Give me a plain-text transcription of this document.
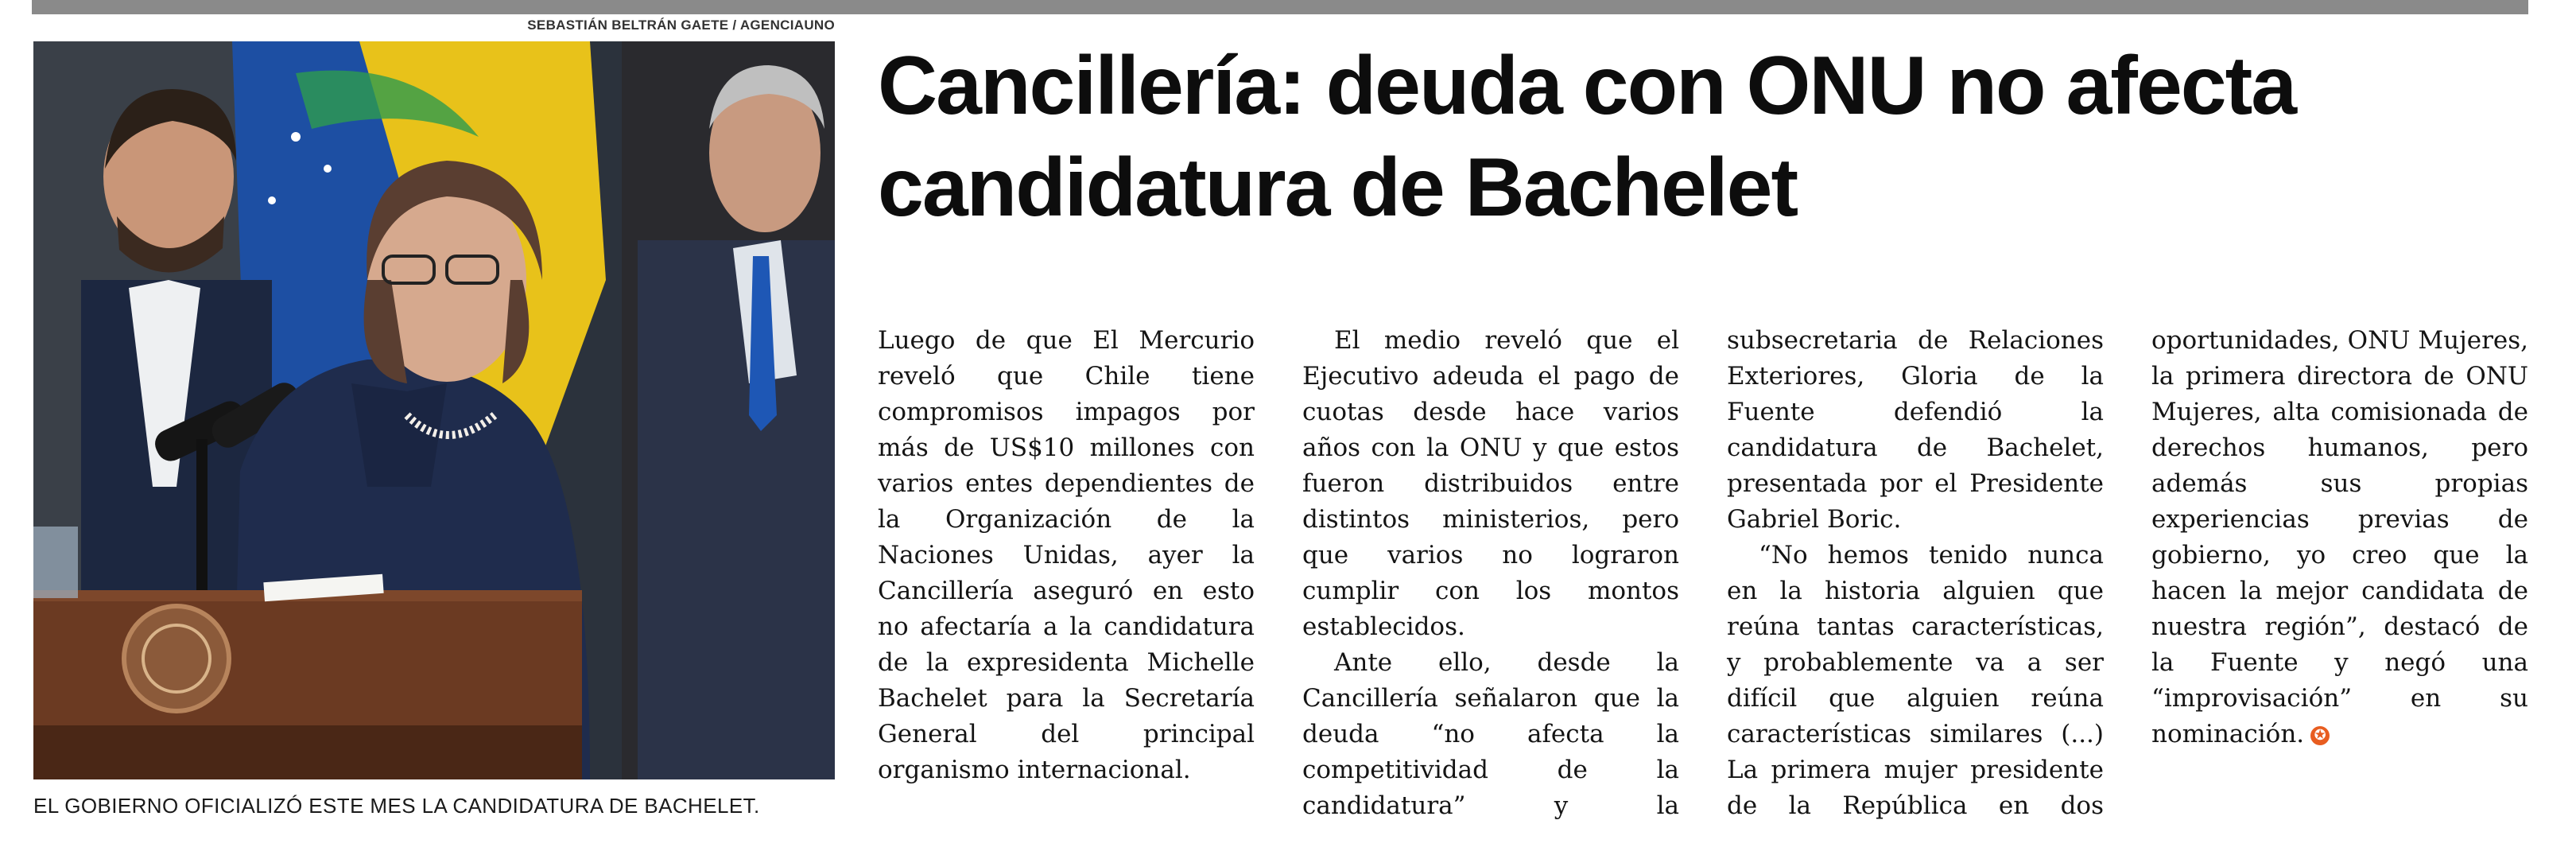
SEBASTIÁN BELTRÁN GAETE / AGENCIAUNO
EL GOBIERNO OFICIALIZÓ ESTE MES LA CANDIDATURA DE BACHELET.
Cancillería: deuda con ONU no afecta candidatura de Bachelet

Luego de que El Mercurio reveló que Chile tiene compromisos impagos por más de US$10 millones con varios entes dependientes de la Organización de la Naciones Unidas, ayer la Cancillería aseguró en esto no afectaría a la candidatura de la expresidenta Michelle Bachelet para la Secretaría General del principal organismo internacional.

El medio reveló que el Ejecutivo adeuda el pago de cuotas desde hace varios años con la ONU y que estos fueron distribuidos entre distintos ministerios, pero que varios no lograron cumplir con los montos establecidos.

Ante ello, desde la Cancillería señalaron que la deuda “no afecta la competitividad de la candidatura” y la subsecretaria de Relaciones Exteriores, Gloria de la Fuente defendió la candidatura de Bachelet, presentada por el Presidente Gabriel Boric.

“No hemos tenido nunca en la historia alguien que reúna tantas características, y probablemente va a ser difícil que alguien reúna características similares (...) La primera mujer presidente de la República en dos oportunidades, ONU Mujeres, la primera directora de ONU Mujeres, alta comisionada de derechos humanos, pero además sus propias experiencias previas de gobierno, yo creo que la hacen la mejor candidata de nuestra región”, destacó de la Fuente y negó una “improvisación” en su nominación. ✪
